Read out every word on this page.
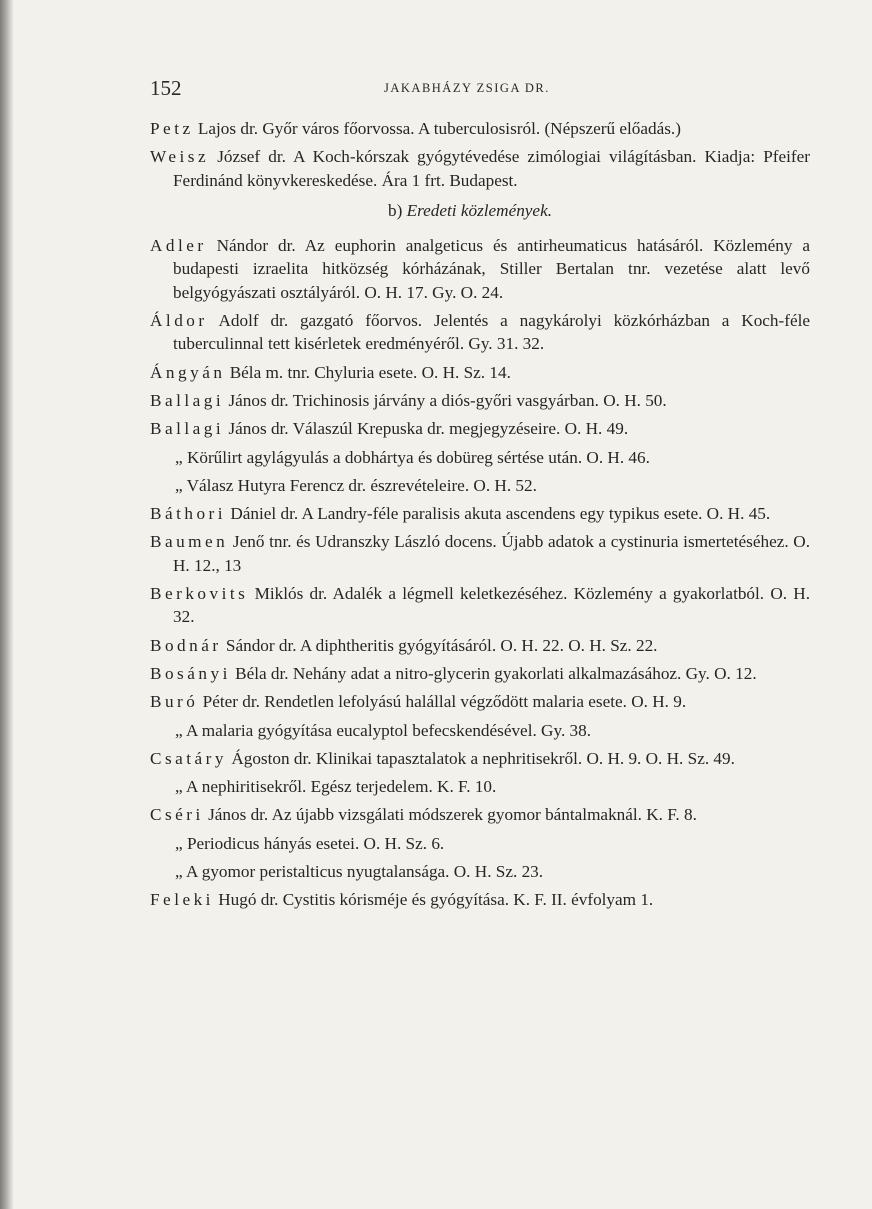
152	JAKABHÁZY ZSIGA DR.

Petz Lajos dr. Győr város főorvossa. A tuberculosisról. (Népszerű előadás.)

Weisz József dr. A Koch-kórszak gyógytévedése zimólogiai világításban. Kiadja: Pfeifer Ferdinánd könyvkereskedése. Ára 1 frt. Budapest.

b) Eredeti közlemények.

Adler Nándor dr. Az euphorin analgeticus és antirheumaticus hatásáról. Közlemény a budapesti izraelita hitközség kórházának, Stiller Bertalan tnr. vezetése alatt levő belgyógyászati osztályáról. O. H. 17. Gy. O. 24.

Áldor Adolf dr. gazgató főorvos. Jelentés a nagykárolyi közkórházban a Koch-féle tuberculinnal tett kisérletek eredményéről. Gy. 31. 32.

Ángyán Béla m. tnr. Chyluria esete. O. H. Sz. 14.

Ballagi János dr. Trichinosis járvány a diós-győri vasgyárban. O. H. 50.

Ballagi János dr. Válaszúl Krepuska dr. megjegyzéseire. O. H. 49.

„ Körűlirt agylágyulás a dobhártya és dobüreg sértése után. O. H. 46.

„ Válasz Hutyra Ferencz dr. észrevételeire. O. H. 52.

Báthori Dániel dr. A Landry-féle paralisis akuta ascendens egy typikus esete. O. H. 45.

Baumen Jenő tnr. és Udranszky László docens. Újabb adatok a cystinuria ismertetéséhez. O. H. 12., 13

Berkovits Miklós dr. Adalék a légmell keletkezéséhez. Közlemény a gyakorlatból. O. H. 32.

Bodnár Sándor dr. A diphtheritis gyógyításáról. O. H. 22. O. H. Sz. 22.

Bosányi Béla dr. Nehány adat a nitro-glycerin gyakorlati alkalmazásához. Gy. O. 12.

Buró Péter dr. Rendetlen lefolyású halállal végződött malaria esete. O. H. 9.

„ A malaria gyógyítása eucalyptol befecskendésével. Gy. 38.

Csatáry Ágoston dr. Klinikai tapasztalatok a nephritisekről. O. H. 9. O. H. Sz. 49.

„ A nephiritisekről. Egész terjedelem. K. F. 10.

Cséri János dr. Az újabb vizsgálati módszerek gyomor bántalmaknál. K. F. 8.

„ Periodicus hányás esetei. O. H. Sz. 6.

„ A gyomor peristalticus nyugtalansága. O. H. Sz. 23.

Feleki Hugó dr. Cystitis kórisméje és gyógyítása. K. F. II. évfolyam 1.
